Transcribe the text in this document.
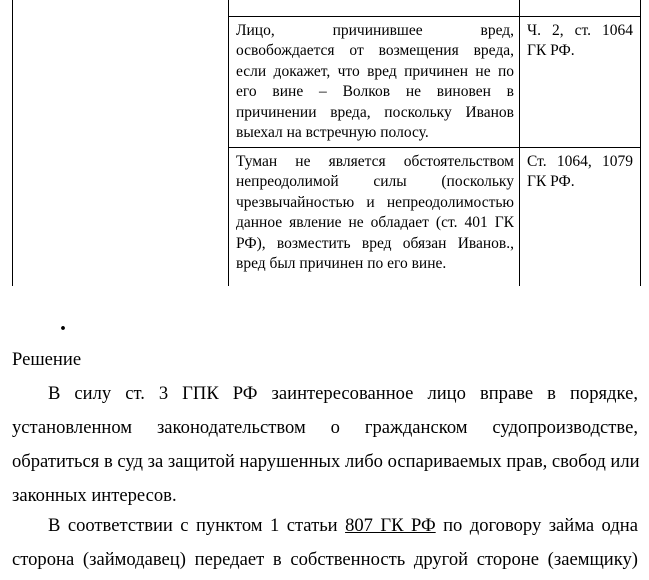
Лицо, причинившее вред,
освобождается от возмещения вреда,
если докажет, что вред причинен не по
его вине – Волков не виновен в
причинении вреда, поскольку Иванов
выехал на встречную полосу.
Ч. 2, ст. 1064
ГК РФ.
Туман не является обстоятельством
непреодолимой силы (поскольку
чрезвычайностью и непреодолимостью
данное явление не обладает (ст. 401 ГК
РФ), возместить вред обязан Иванов.,
вред был причинен по его вине.
Ст. 1064, 1079
ГК РФ.
.
Решение
В силу ст. 3 ГПК РФ заинтересованное лицо вправе в порядке,
установленном законодательством о гражданском судопроизводстве,
обратиться в суд за защитой нарушенных либо оспариваемых прав, свобод или
законных интересов.
В соответствии с пунктом 1 статьи 807 ГК РФ по договору займа одна
сторона (займодавец) передает в собственность другой стороне (заемщику)
